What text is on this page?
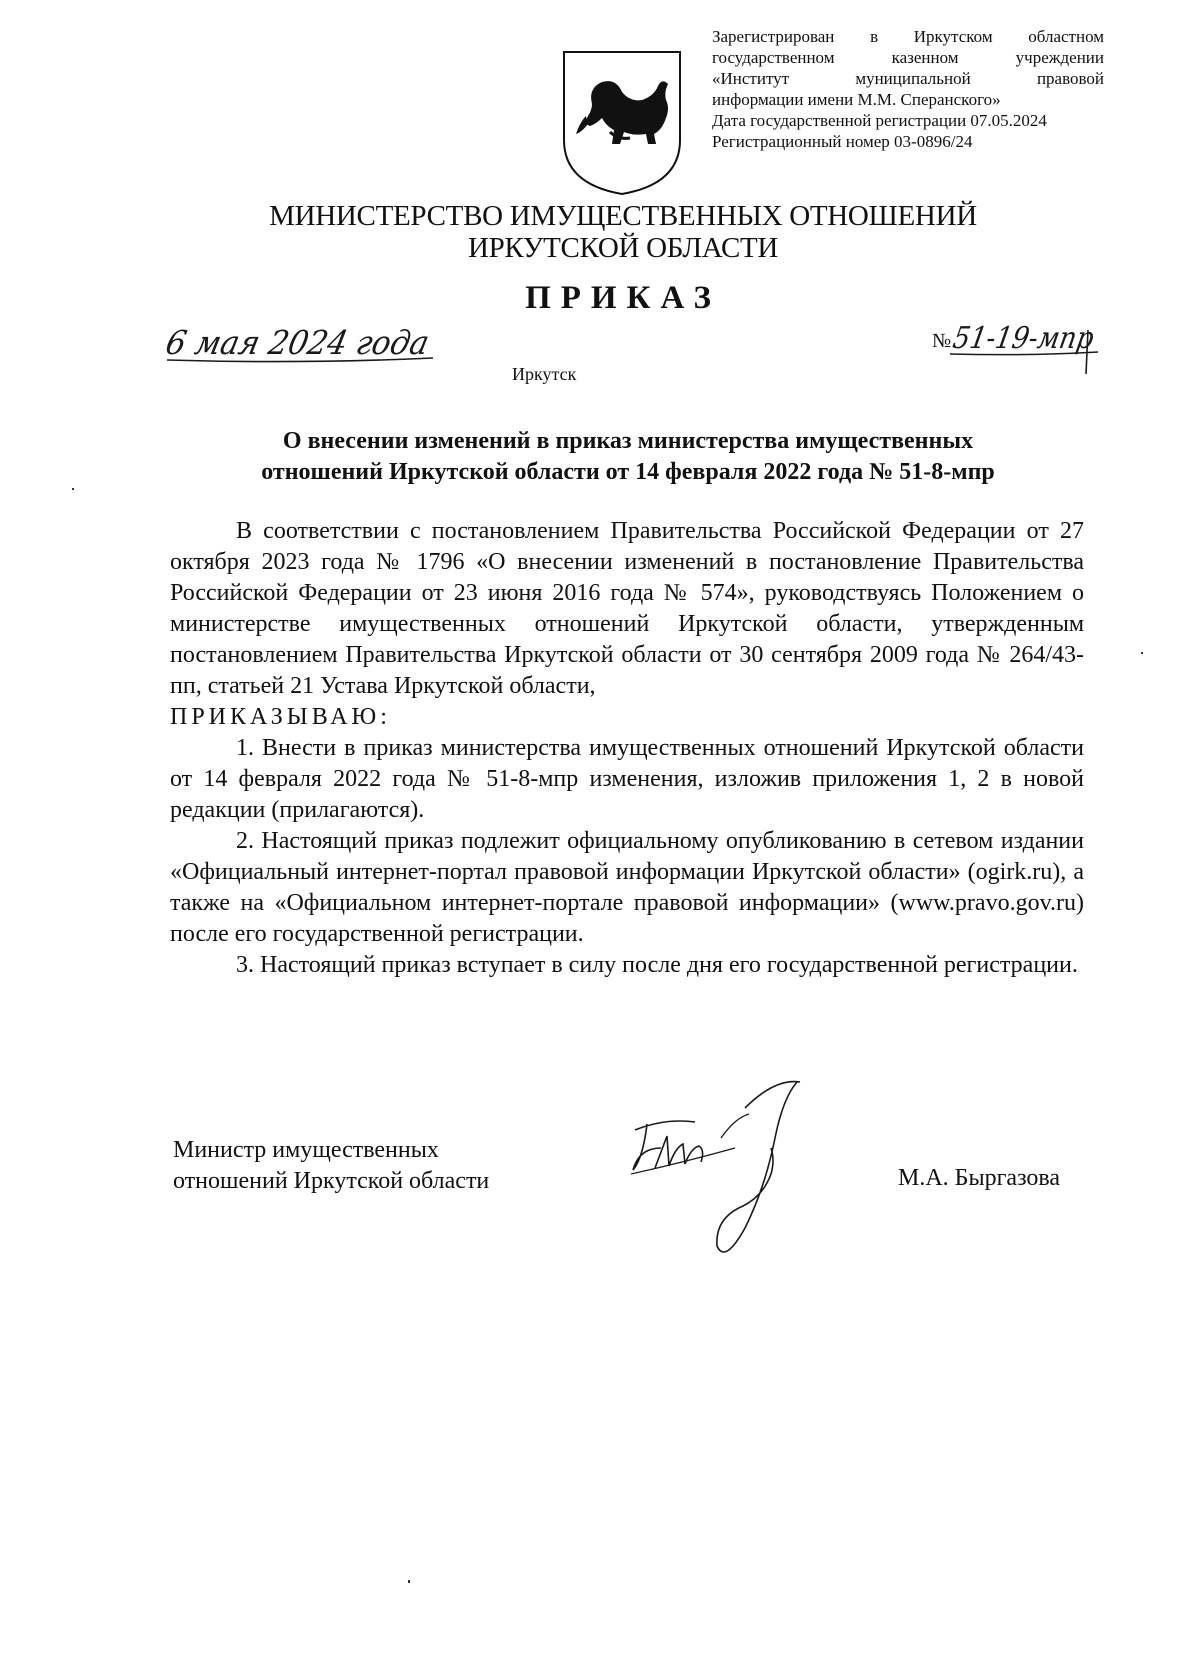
Зарегистрирован в Иркутском областном
государственном казенном учреждении
«Институт муниципальной правовой
информации имени М.М. Сперанского»
Дата государственной регистрации 07.05.2024
Регистрационный номер 03-0896/24
МИНИСТЕРСТВО ИМУЩЕСТВЕННЫХ ОТНОШЕНИЙ
ИРКУТСКОЙ ОБЛАСТИ
ПРИКАЗ
6 мая 2024 года	№ 51-19-мпр
Иркутск
О внесении изменений в приказ министерства имущественных
отношений Иркутской области от 14 февраля 2022 года № 51-8-мпр

В соответствии с постановлением Правительства Российской Федерации от 27 октября 2023 года № 1796 «О внесении изменений в постановление Правительства Российской Федерации от 23 июня 2016 года № 574», руководствуясь Положением о министерстве имущественных отношений Иркутской области, утвержденным постановлением Правительства Иркутской области от 30 сентября 2009 года № 264/43-пп, статьей 21 Устава Иркутской области,

ПРИКАЗЫВАЮ:

1. Внести в приказ министерства имущественных отношений Иркутской области от 14 февраля 2022 года № 51-8-мпр изменения, изложив приложения 1, 2 в новой редакции (прилагаются).

2. Настоящий приказ подлежит официальному опубликованию в сетевом издании «Официальный интернет-портал правовой информации Иркутской области» (ogirk.ru), а также на «Официальном интернет-портале правовой информации» (www.pravo.gov.ru) после его государственной регистрации.

3. Настоящий приказ вступает в силу после дня его государственной регистрации.

Министр имущественных
отношений Иркутской области	М.А. Быргазова
